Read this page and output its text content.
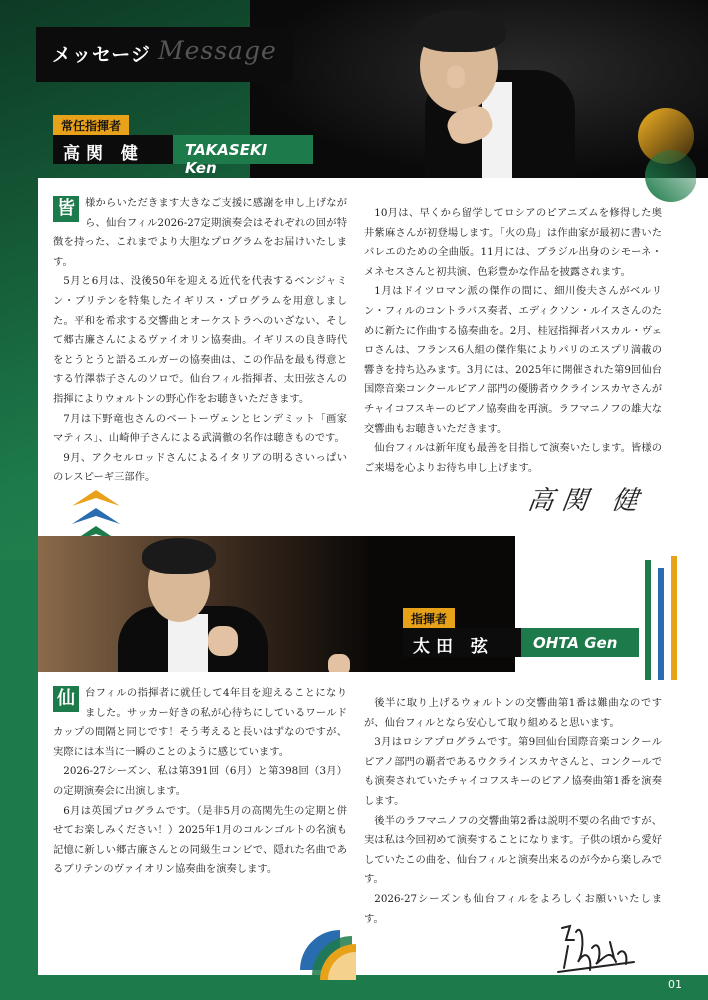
メッセージ Message
常任指揮者
高関 健	TAKASEKI Ken

皆 様からいただきます大きなご支援に感謝を申し上げながら、仙台フィル2026-27定期演奏会はそれぞれの回が特徴を持った、これまでより大胆なプログラムをお届けいたします。

5月と6月は、没後50年を迎える近代を代表するベンジャミン・ブリテンを特集したイギリス・プログラムを用意しました。平和を希求する交響曲とオーケストラへのいざない、そして郷古廉さんによるヴァイオリン協奏曲。イギリスの良き時代をとうとうと語るエルガーの協奏曲は、この作品を最も得意とする竹澤恭子さんのソロで。仙台フィル指揮者、太田弦さんの指揮によりウォルトンの野心作をお聴きいただきます。

7月は下野竜也さんのベートーヴェンとヒンデミット「画家マティス」、山崎伸子さんによる武満徹の名作は聴きものです。

9月、アクセルロッドさんによるイタリアの明るさいっぱいのレスピーギ三部作。

10月は、早くから留学してロシアのピアニズムを修得した奥井紫麻さんが初登場します。「火の鳥」は作曲家が最初に書いたバレエのための全曲版。11月には、ブラジル出身のシモーネ・メネセスさんと初共演、色彩豊かな作品を披露されます。

1月はドイツロマン派の傑作の間に、細川俊夫さんがベルリン・フィルのコントラバス奏者、エディクソン・ルイスさんのために新たに作曲する協奏曲を。2月、桂冠指揮者パスカル・ヴェロさんは、フランス6人組の傑作集によりパリのエスプリ満載の響きを持ち込みます。3月には、2025年に開催された第9回仙台国際音楽コンクールピアノ部門の優勝者ウクラインスカヤさんがチャイコフスキーのピアノ協奏曲を再演。ラフマニノフの雄大な交響曲もお聴きいただきます。

仙台フィルは新年度も最善を目指して演奏いたします。皆様のご来場を心よりお待ち申し上げます。

高関 健
指揮者
太田 弦	OHTA Gen

仙 台フィルの指揮者に就任して4年目を迎えることになりました。サッカー好きの私が心待ちにしているワールドカップの間隔と同じです！そう考えると長いはずなのですが、実際には本当に一瞬のことのように感じています。

2026-27シーズン、私は第391回（6月）と第398回（3月）の定期演奏会に出演します。

6月は英国プログラムです。（是非5月の高関先生の定期と併せてお楽しみください！）2025年1月のコルンゴルトの名演も記憶に新しい郷古廉さんとの同級生コンビで、隠れた名曲であるブリテンのヴァイオリン協奏曲を演奏します。

後半に取り上げるウォルトンの交響曲第1番は難曲なのですが、仙台フィルとなら安心して取り組めると思います。

3月はロシアプログラムです。第9回仙台国際音楽コンクールピアノ部門の覇者であるウクラインスカヤさんと、コンクールでも演奏されていたチャイコフスキーのピアノ協奏曲第1番を演奏します。

後半のラフマニノフの交響曲第2番は説明不要の名曲ですが、実は私は今回初めて演奏することになります。子供の頃から愛好していたこの曲を、仙台フィルと演奏出来るのが今から楽しみです。

2026-27シーズンも仙台フィルをよろしくお願いいたします。

01
